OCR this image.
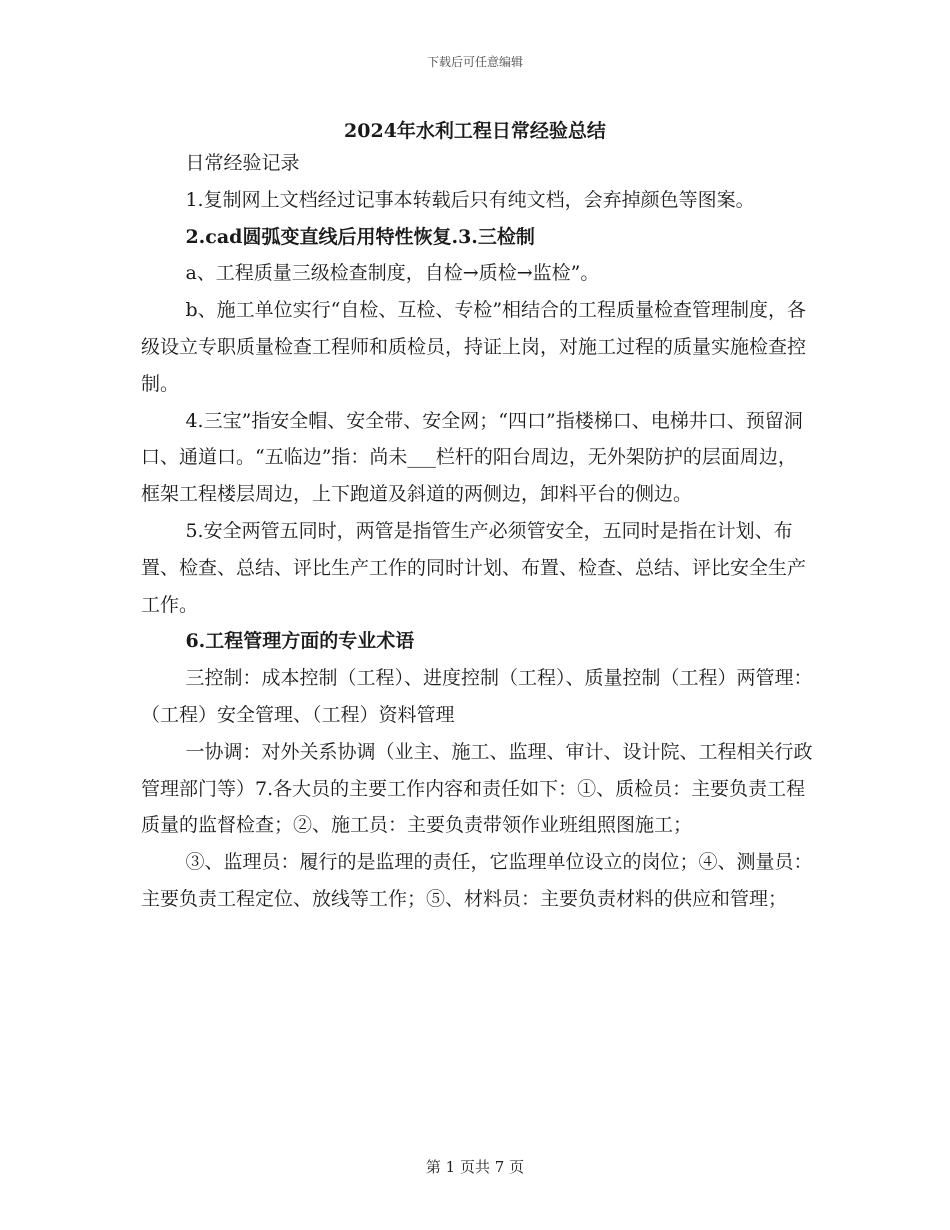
下载后可任意编辑
2024年水利工程日常经验总结

日常经验记录

1.复制网上文档经过记事本转载后只有纯文档，会弃掉颜色等图案。

2.cad圆弧变直线后用特性恢复.3.三检制

a、工程质量三级检查制度，自检→质检→监检”。

b、施工单位实行“自检、互检、专检”相结合的工程质量检查管理制度，各级设立专职质量检查工程师和质检员，持证上岗，对施工过程的质量实施检查控制。

4.三宝”指安全帽、安全带、安全网；“四口”指楼梯口、电梯井口、预留洞口、通道口。“五临边”指：尚未___栏杆的阳台周边，无外架防护的层面周边，框架工程楼层周边，上下跑道及斜道的两侧边，卸料平台的侧边。

5.安全两管五同时，两管是指管生产必须管安全，五同时是指在计划、布置、检查、总结、评比生产工作的同时计划、布置、检查、总结、评比安全生产工作。

6.工程管理方面的专业术语

三控制：成本控制（工程）、进度控制（工程）、质量控制（工程）两管理：（工程）安全管理、（工程）资料管理

一协调：对外关系协调（业主、施工、监理、审计、设计院、工程相关行政管理部门等）7.各大员的主要工作内容和责任如下：①、质检员：主要负责工程质量的监督检查；②、施工员：主要负责带领作业班组照图施工；

③、监理员：履行的是监理的责任，它监理单位设立的岗位；④、测量员：主要负责工程定位、放线等工作；⑤、材料员：主要负责材料的供应和管理；

第 1 页共 7 页
